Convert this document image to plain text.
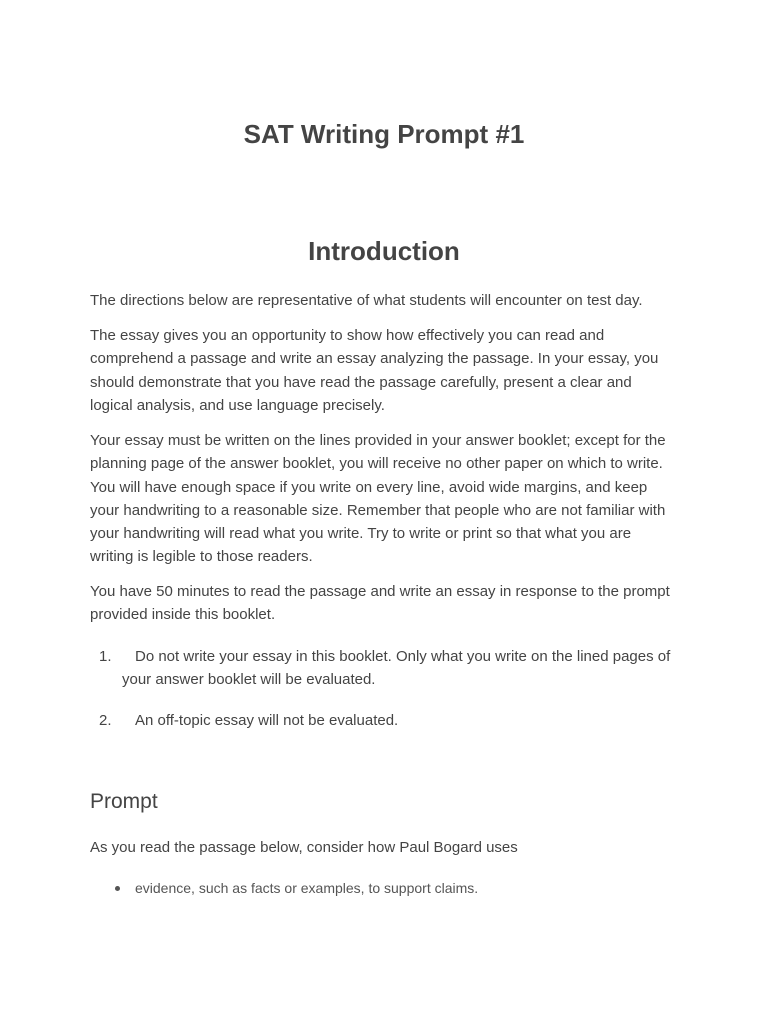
SAT Writing Prompt #1
Introduction

The directions below are representative of what students will encounter on test day.

The essay gives you an opportunity to show how effectively you can read and comprehend a passage and write an essay analyzing the passage. In your essay, you should demonstrate that you have read the passage carefully, present a clear and logical analysis, and use language precisely.

Your essay must be written on the lines provided in your answer booklet; except for the planning page of the answer booklet, you will receive no other paper on which to write. You will have enough space if you write on every line, avoid wide margins, and keep your handwriting to a reasonable size. Remember that people who are not familiar with your handwriting will read what you write. Try to write or print so that what you are writing is legible to those readers.

You have 50 minutes to read the passage and write an essay in response to the prompt provided inside this booklet.

1.	Do not write your essay in this booklet. Only what you write on the lined pages of your answer booklet will be evaluated.
2.	An off-topic essay will not be evaluated.
Prompt

As you read the passage below, consider how Paul Bogard uses

evidence, such as facts or examples, to support claims.
